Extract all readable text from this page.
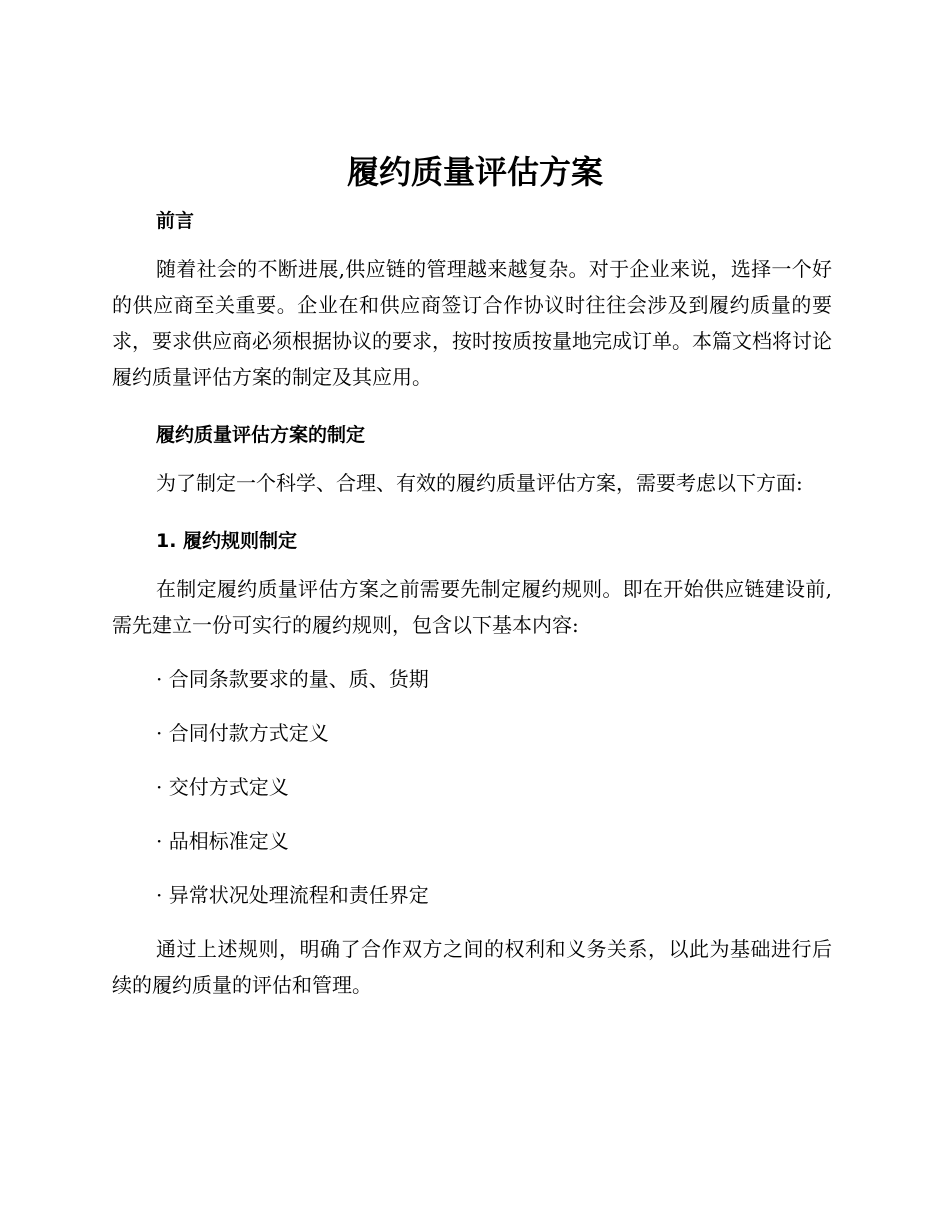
履约质量评估方案

前言

随着社会的不断进展,供应链的管理越来越复杂。对于企业来说，选择一个好的供应商至关重要。企业在和供应商签订合作协议时往往会涉及到履约质量的要求，要求供应商必须根据协议的要求，按时按质按量地完成订单。本篇文档将讨论履约质量评估方案的制定及其应用。

履约质量评估方案的制定

为了制定一个科学、合理、有效的履约质量评估方案，需要考虑以下方面:

1. 履约规则制定

在制定履约质量评估方案之前需要先制定履约规则。即在开始供应链建设前,需先建立一份可实行的履约规则，包含以下基本内容:

· 合同条款要求的量、质、货期

· 合同付款方式定义

· 交付方式定义

· 品相标准定义

· 异常状况处理流程和责任界定

通过上述规则，明确了合作双方之间的权利和义务关系，以此为基础进行后续的履约质量的评估和管理。
